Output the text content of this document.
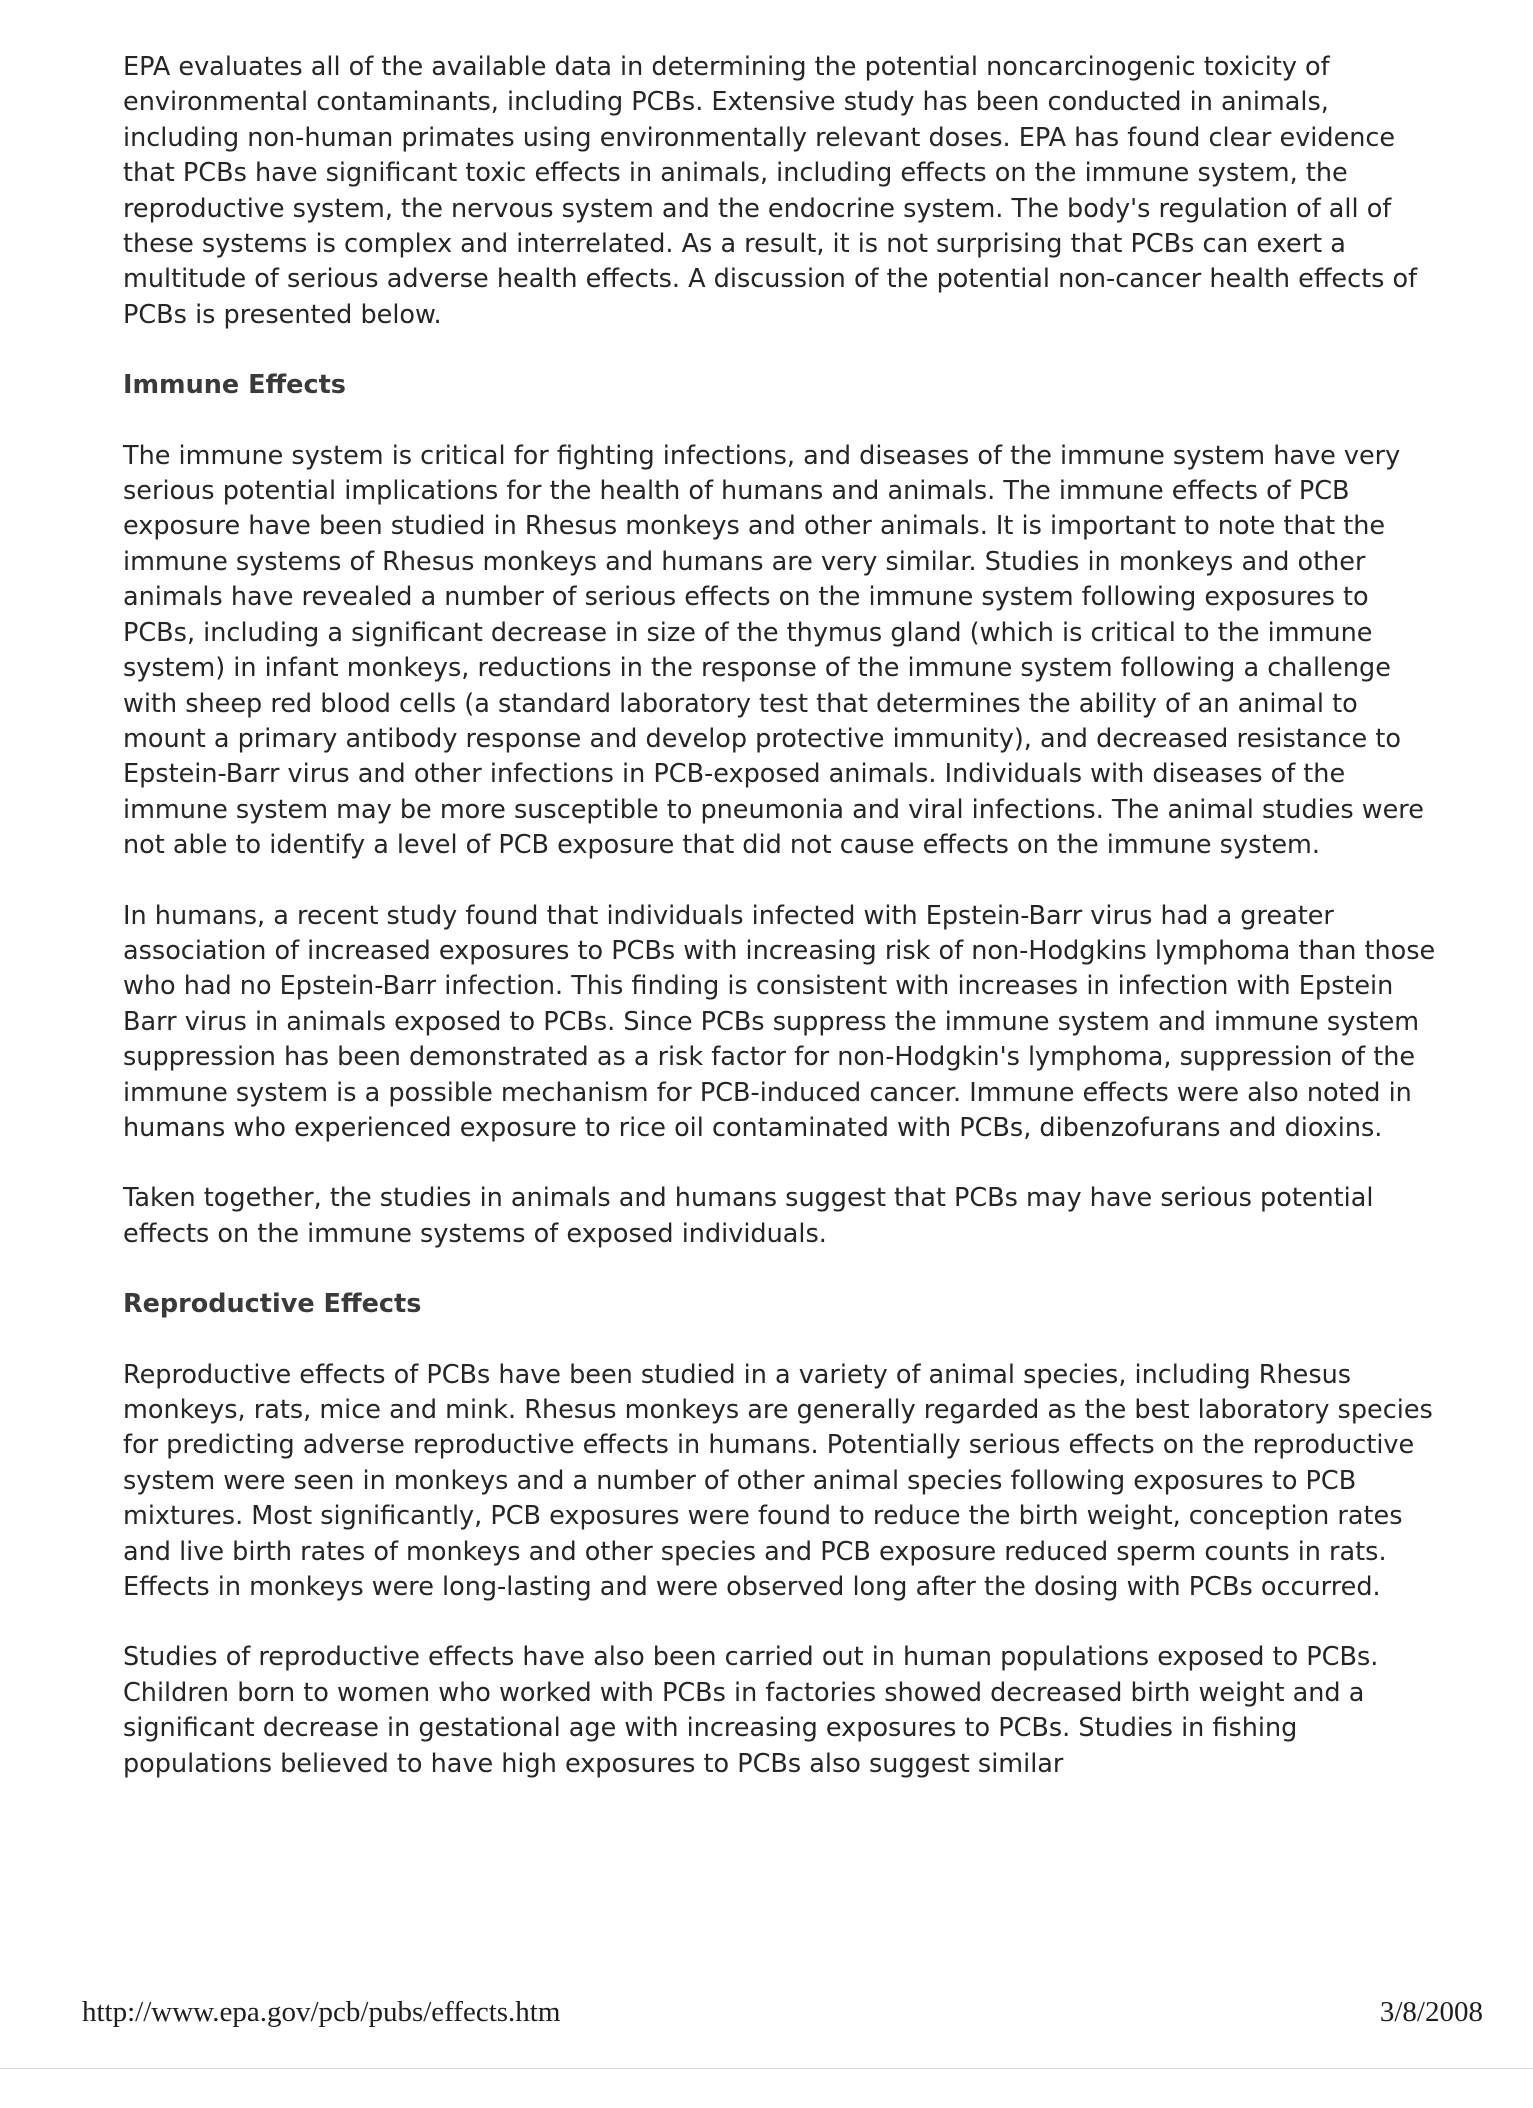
EPA evaluates all of the available data in determining the potential noncarcinogenic toxicity of environmental contaminants, including PCBs. Extensive study has been conducted in animals, including non-human primates using environmentally relevant doses. EPA has found clear evidence that PCBs have significant toxic effects in animals, including effects on the immune system, the reproductive system, the nervous system and the endocrine system. The body's regulation of all of these systems is complex and interrelated. As a result, it is not surprising that PCBs can exert a multitude of serious adverse health effects. A discussion of the potential non-cancer health effects of PCBs is presented below.

Immune Effects

The immune system is critical for fighting infections, and diseases of the immune system have very serious potential implications for the health of humans and animals. The immune effects of PCB exposure have been studied in Rhesus monkeys and other animals. It is important to note that the immune systems of Rhesus monkeys and humans are very similar. Studies in monkeys and other animals have revealed a number of serious effects on the immune system following exposures to PCBs, including a significant decrease in size of the thymus gland (which is critical to the immune system) in infant monkeys, reductions in the response of the immune system following a challenge with sheep red blood cells (a standard laboratory test that determines the ability of an animal to mount a primary antibody response and develop protective immunity), and decreased resistance to Epstein-Barr virus and other infections in PCB-exposed animals. Individuals with diseases of the immune system may be more susceptible to pneumonia and viral infections. The animal studies were not able to identify a level of PCB exposure that did not cause effects on the immune system.

In humans, a recent study found that individuals infected with Epstein-Barr virus had a greater association of increased exposures to PCBs with increasing risk of non-Hodgkins lymphoma than those who had no Epstein-Barr infection. This finding is consistent with increases in infection with Epstein Barr virus in animals exposed to PCBs. Since PCBs suppress the immune system and immune system suppression has been demonstrated as a risk factor for non-Hodgkin's lymphoma, suppression of the immune system is a possible mechanism for PCB-induced cancer. Immune effects were also noted in humans who experienced exposure to rice oil contaminated with PCBs, dibenzofurans and dioxins.

Taken together, the studies in animals and humans suggest that PCBs may have serious potential effects on the immune systems of exposed individuals.

Reproductive Effects

Reproductive effects of PCBs have been studied in a variety of animal species, including Rhesus monkeys, rats, mice and mink. Rhesus monkeys are generally regarded as the best laboratory species for predicting adverse reproductive effects in humans. Potentially serious effects on the reproductive system were seen in monkeys and a number of other animal species following exposures to PCB mixtures. Most significantly, PCB exposures were found to reduce the birth weight, conception rates and live birth rates of monkeys and other species and PCB exposure reduced sperm counts in rats. Effects in monkeys were long-lasting and were observed long after the dosing with PCBs occurred.

Studies of reproductive effects have also been carried out in human populations exposed to PCBs. Children born to women who worked with PCBs in factories showed decreased birth weight and a significant decrease in gestational age with increasing exposures to PCBs. Studies in fishing populations believed to have high exposures to PCBs also suggest similar

http://www.epa.gov/pcb/pubs/effects.htm	3/8/2008
